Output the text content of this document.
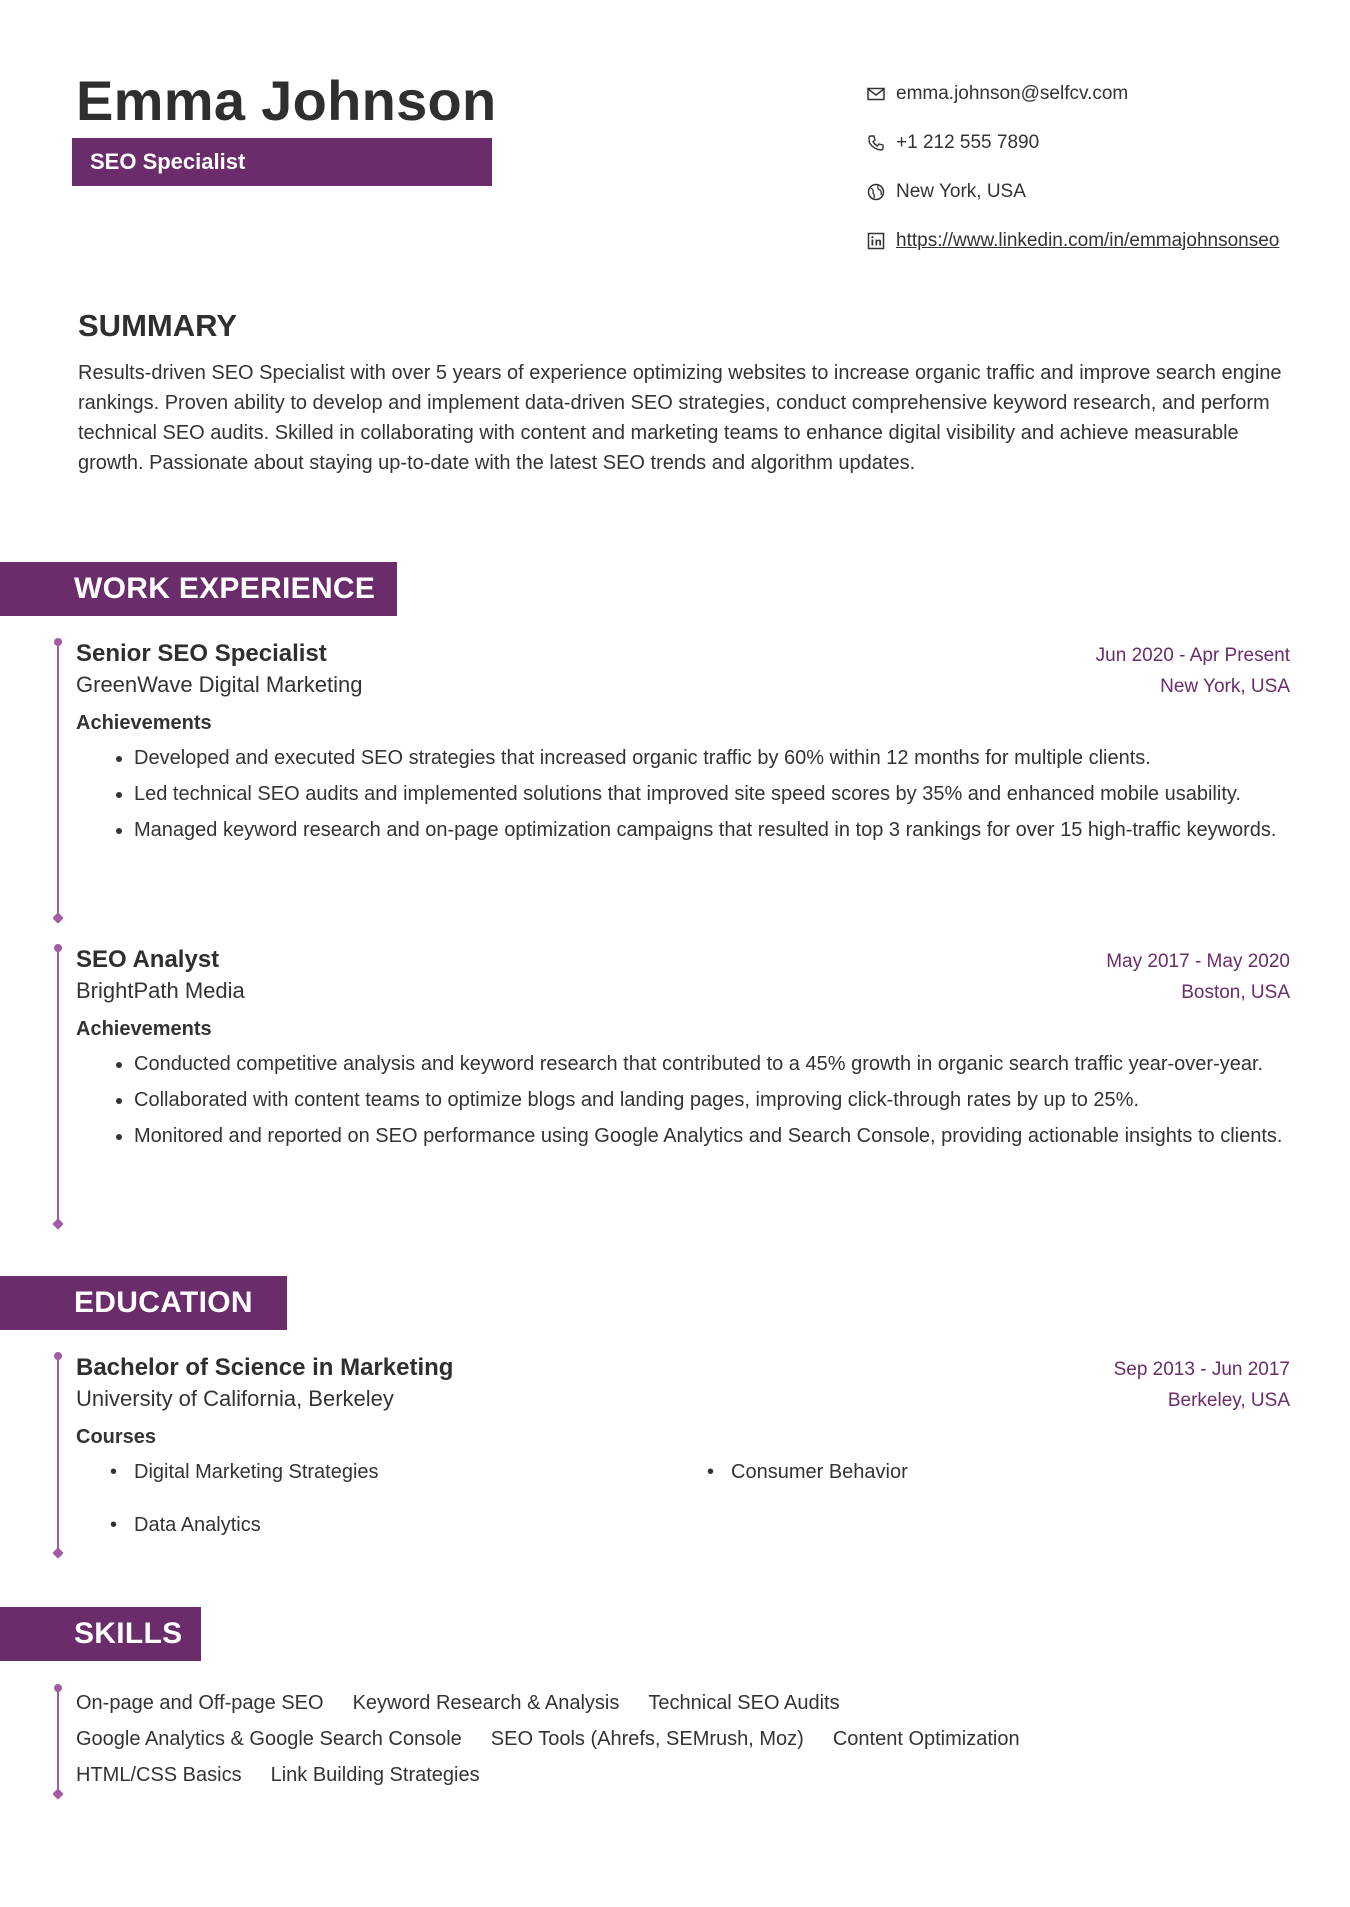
Emma Johnson
SEO Specialist
emma.johnson@selfcv.com
+1 212 555 7890
New York, USA
https://www.linkedin.com/in/emmajohnsonseo
SUMMARY

Results-driven SEO Specialist with over 5 years of experience optimizing websites to increase organic traffic and improve search engine rankings. Proven ability to develop and implement data-driven SEO strategies, conduct comprehensive keyword research, and perform technical SEO audits. Skilled in collaborating with content and marketing teams to enhance digital visibility and achieve measurable growth. Passionate about staying up-to-date with the latest SEO trends and algorithm updates.

WORK EXPERIENCE
Senior SEO Specialist	Jun 2020 - Apr Present
GreenWave Digital Marketing	New York, USA
Achievements
• Developed and executed SEO strategies that increased organic traffic by 60% within 12 months for multiple clients.
• Led technical SEO audits and implemented solutions that improved site speed scores by 35% and enhanced mobile usability.
• Managed keyword research and on-page optimization campaigns that resulted in top 3 rankings for over 15 high-traffic keywords.
SEO Analyst	May 2017 - May 2020
BrightPath Media	Boston, USA
Achievements
• Conducted competitive analysis and keyword research that contributed to a 45% growth in organic search traffic year-over-year.
• Collaborated with content teams to optimize blogs and landing pages, improving click-through rates by up to 25%.
• Monitored and reported on SEO performance using Google Analytics and Search Console, providing actionable insights to clients.
EDUCATION
Bachelor of Science in Marketing	Sep 2013 - Jun 2017
University of California, Berkeley	Berkeley, USA
Courses
• Digital Marketing Strategies
•	Consumer Behavior
• Data Analytics
SKILLS
On-page and Off-page SEO Keyword Research & Analysis Technical SEO Audits
Google Analytics & Google Search Console SEO Tools (Ahrefs, SEMrush, Moz) Content Optimization
HTML/CSS Basics Link Building Strategies
